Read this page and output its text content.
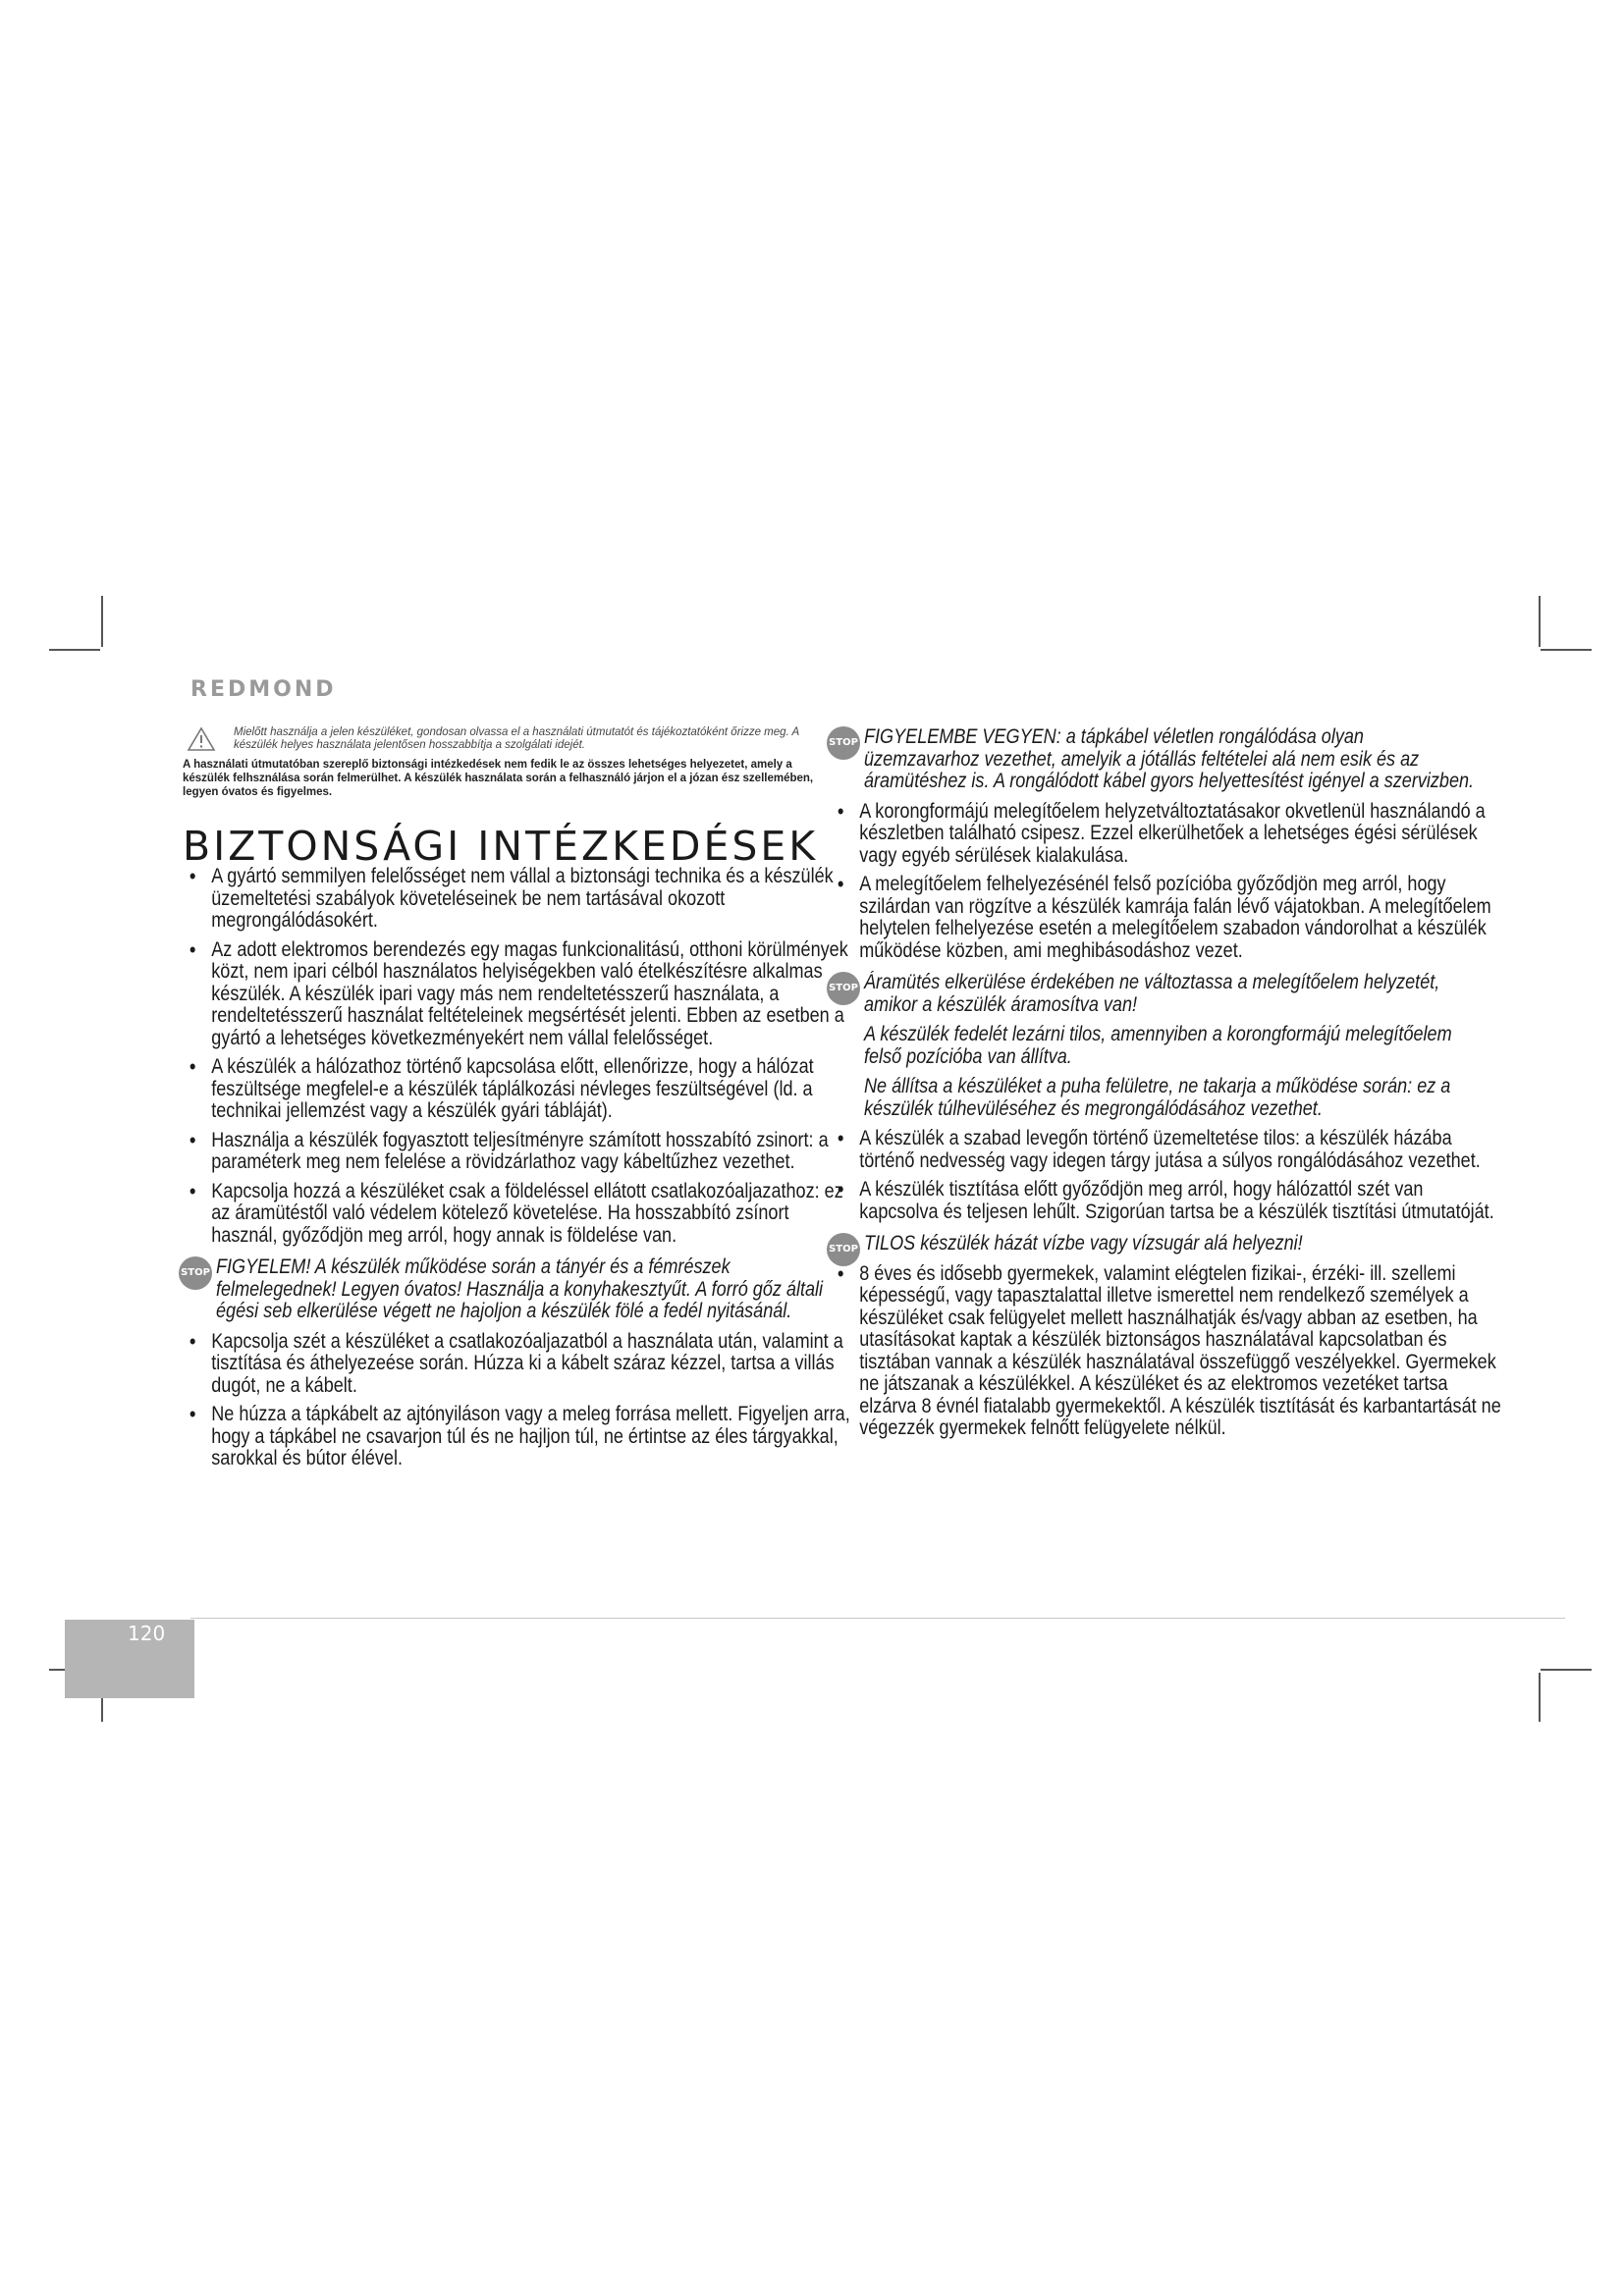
REDMOND
Mielőtt használja a jelen készüléket, gondosan olvassa el a használati útmutatót és tájékoztatóként őrizze meg. A készülék helyes használata jelentősen hosszabbítja a szolgálati idejét.
A használati útmutatóban szereplő biztonsági intézkedések nem fedik le az összes lehetséges helyezetet, amely a készülék felhsználása során felmerülhet. A készülék használata során a felhasználó járjon el a józan ész szellemében, legyen óvatos és figyelmes.
BIZTONSÁGI INTÉZKEDÉSEK
• A gyártó semmilyen felelősséget nem vállal a biztonsági technika és a készülék üzemeltetési szabályok követeléseinek be nem tartásával okozott megrongálódásokért.
• Az adott elektromos berendezés egy magas funkcionalitású, otthoni körülmények közt, nem ipari célból használatos helyiségekben való ételkészítésre alkalmas készülék. A készülék ipari vagy más nem rendeltetésszerű használata, a rendeltetésszerű használat feltételeinek megsértését jelenti. Ebben az esetben a gyártó a lehetséges következményekért nem vállal felelősséget.
• A készülék a hálózathoz történő kapcsolása előtt, ellenőrizze, hogy a hálózat feszültsége megfelel-e a készülék táplálkozási névleges feszültségével (ld. a technikai jellemzést vagy a készülék gyári tábláját).
• Használja a készülék fogyasztott teljesítményre számított hosszabító zsinort: a paraméterk meg nem felelése a rövidzárlathoz vagy kábeltűzhez vezethet.
• Kapcsolja hozzá a készüléket csak a földeléssel ellátott csatlakozóaljazathoz: ez az áramütéstől való védelem kötelező követelése. Ha hosszabbító zsínort használ, győződjön meg arról, hogy annak is földelése van.
STOP FIGYELEM! A készülék működése során a tányér és a fémrészek felmelegednek! Legyen óvatos! Használja a konyhakesztyűt. A forró gőz általi égési seb elkerülése végett ne hajoljon a készülék fölé a fedél nyitásánál.

• Kapcsolja szét a készüléket a csatlakozóaljazatból a használata után, valamint a tisztítása és áthelyezeése során. Húzza ki a kábelt száraz kézzel, tartsa a villás dugót, ne a kábelt.
• Ne húzza a tápkábelt az ajtónyiláson vagy a meleg forrása mellett. Figyeljen arra, hogy a tápkábel ne csavarjon túl és ne hajljon túl, ne értintse az éles tárgyakkal, sarokkal és bútor élével.
STOP FIGYELEMBE VEGYEN: a tápkábel véletlen rongálódása olyan üzemzavarhoz vezethet, amelyik a jótállás feltételei alá nem esik és az áramütéshez is. A rongálódott kábel gyors helyettesítést igényel a szervizben.

• A korongformájú melegítőelem helyzetváltoztatásakor okvetlenül használandó a készletben található csipesz. Ezzel elkerülhetőek a lehetséges égési sérülések vagy egyéb sérülések kialakulása.
• A melegítőelem felhelyezésénél felső pozícióba győződjön meg arról, hogy szilárdan van rögzítve a készülék kamrája falán lévő vájatokban. A melegítőelem helytelen felhelyezése esetén a melegítőelem szabadon vándorolhat a készülék működése közben, ami meghibásodáshoz vezet.
STOP Áramütés elkerülése érdekében ne változtassa a melegítőelem helyzetét, amikor a készülék áramosítva van!

A készülék fedelét lezárni tilos, amennyiben a korongformájú melegítőelem felső pozícióba van állítva.

Ne állítsa a készüléket a puha felületre, ne takarja a működése során: ez a készülék túlhevüléséhez és megrongálódásához vezethet.

• A készülék a szabad levegőn történő üzemeltetése tilos: a készülék házába történő nedvesség vagy idegen tárgy jutása a súlyos rongálódásához vezethet.
• A készülék tisztítása előtt győződjön meg arról, hogy hálózattól szét van kapcsolva és teljesen lehűlt. Szigorúan tartsa be a készülék tisztítási útmutatóját.
STOP TILOS készülék házát vízbe vagy vízsugár alá helyezni!

• 8 éves és idősebb gyermekek, valamint elégtelen fizikai-, érzéki- ill. szellemi képességű, vagy tapasztalattal illetve ismerettel nem rendelkező személyek a készüléket csak felügyelet mellett használhatják és/vagy abban az esetben, ha utasításokat kaptak a készülék biztonságos használatával kapcsolatban és tisztában vannak a készülék használatával összefüggő veszélyekkel. Gyermekek ne játszanak a készülékkel. A készüléket és az elektromos vezetéket tartsa elzárva 8 évnél fiatalabb gyermekektől. A készülék tisztítását és karbantartását ne végezzék gyermekek felnőtt felügyelete nélkül.
120
